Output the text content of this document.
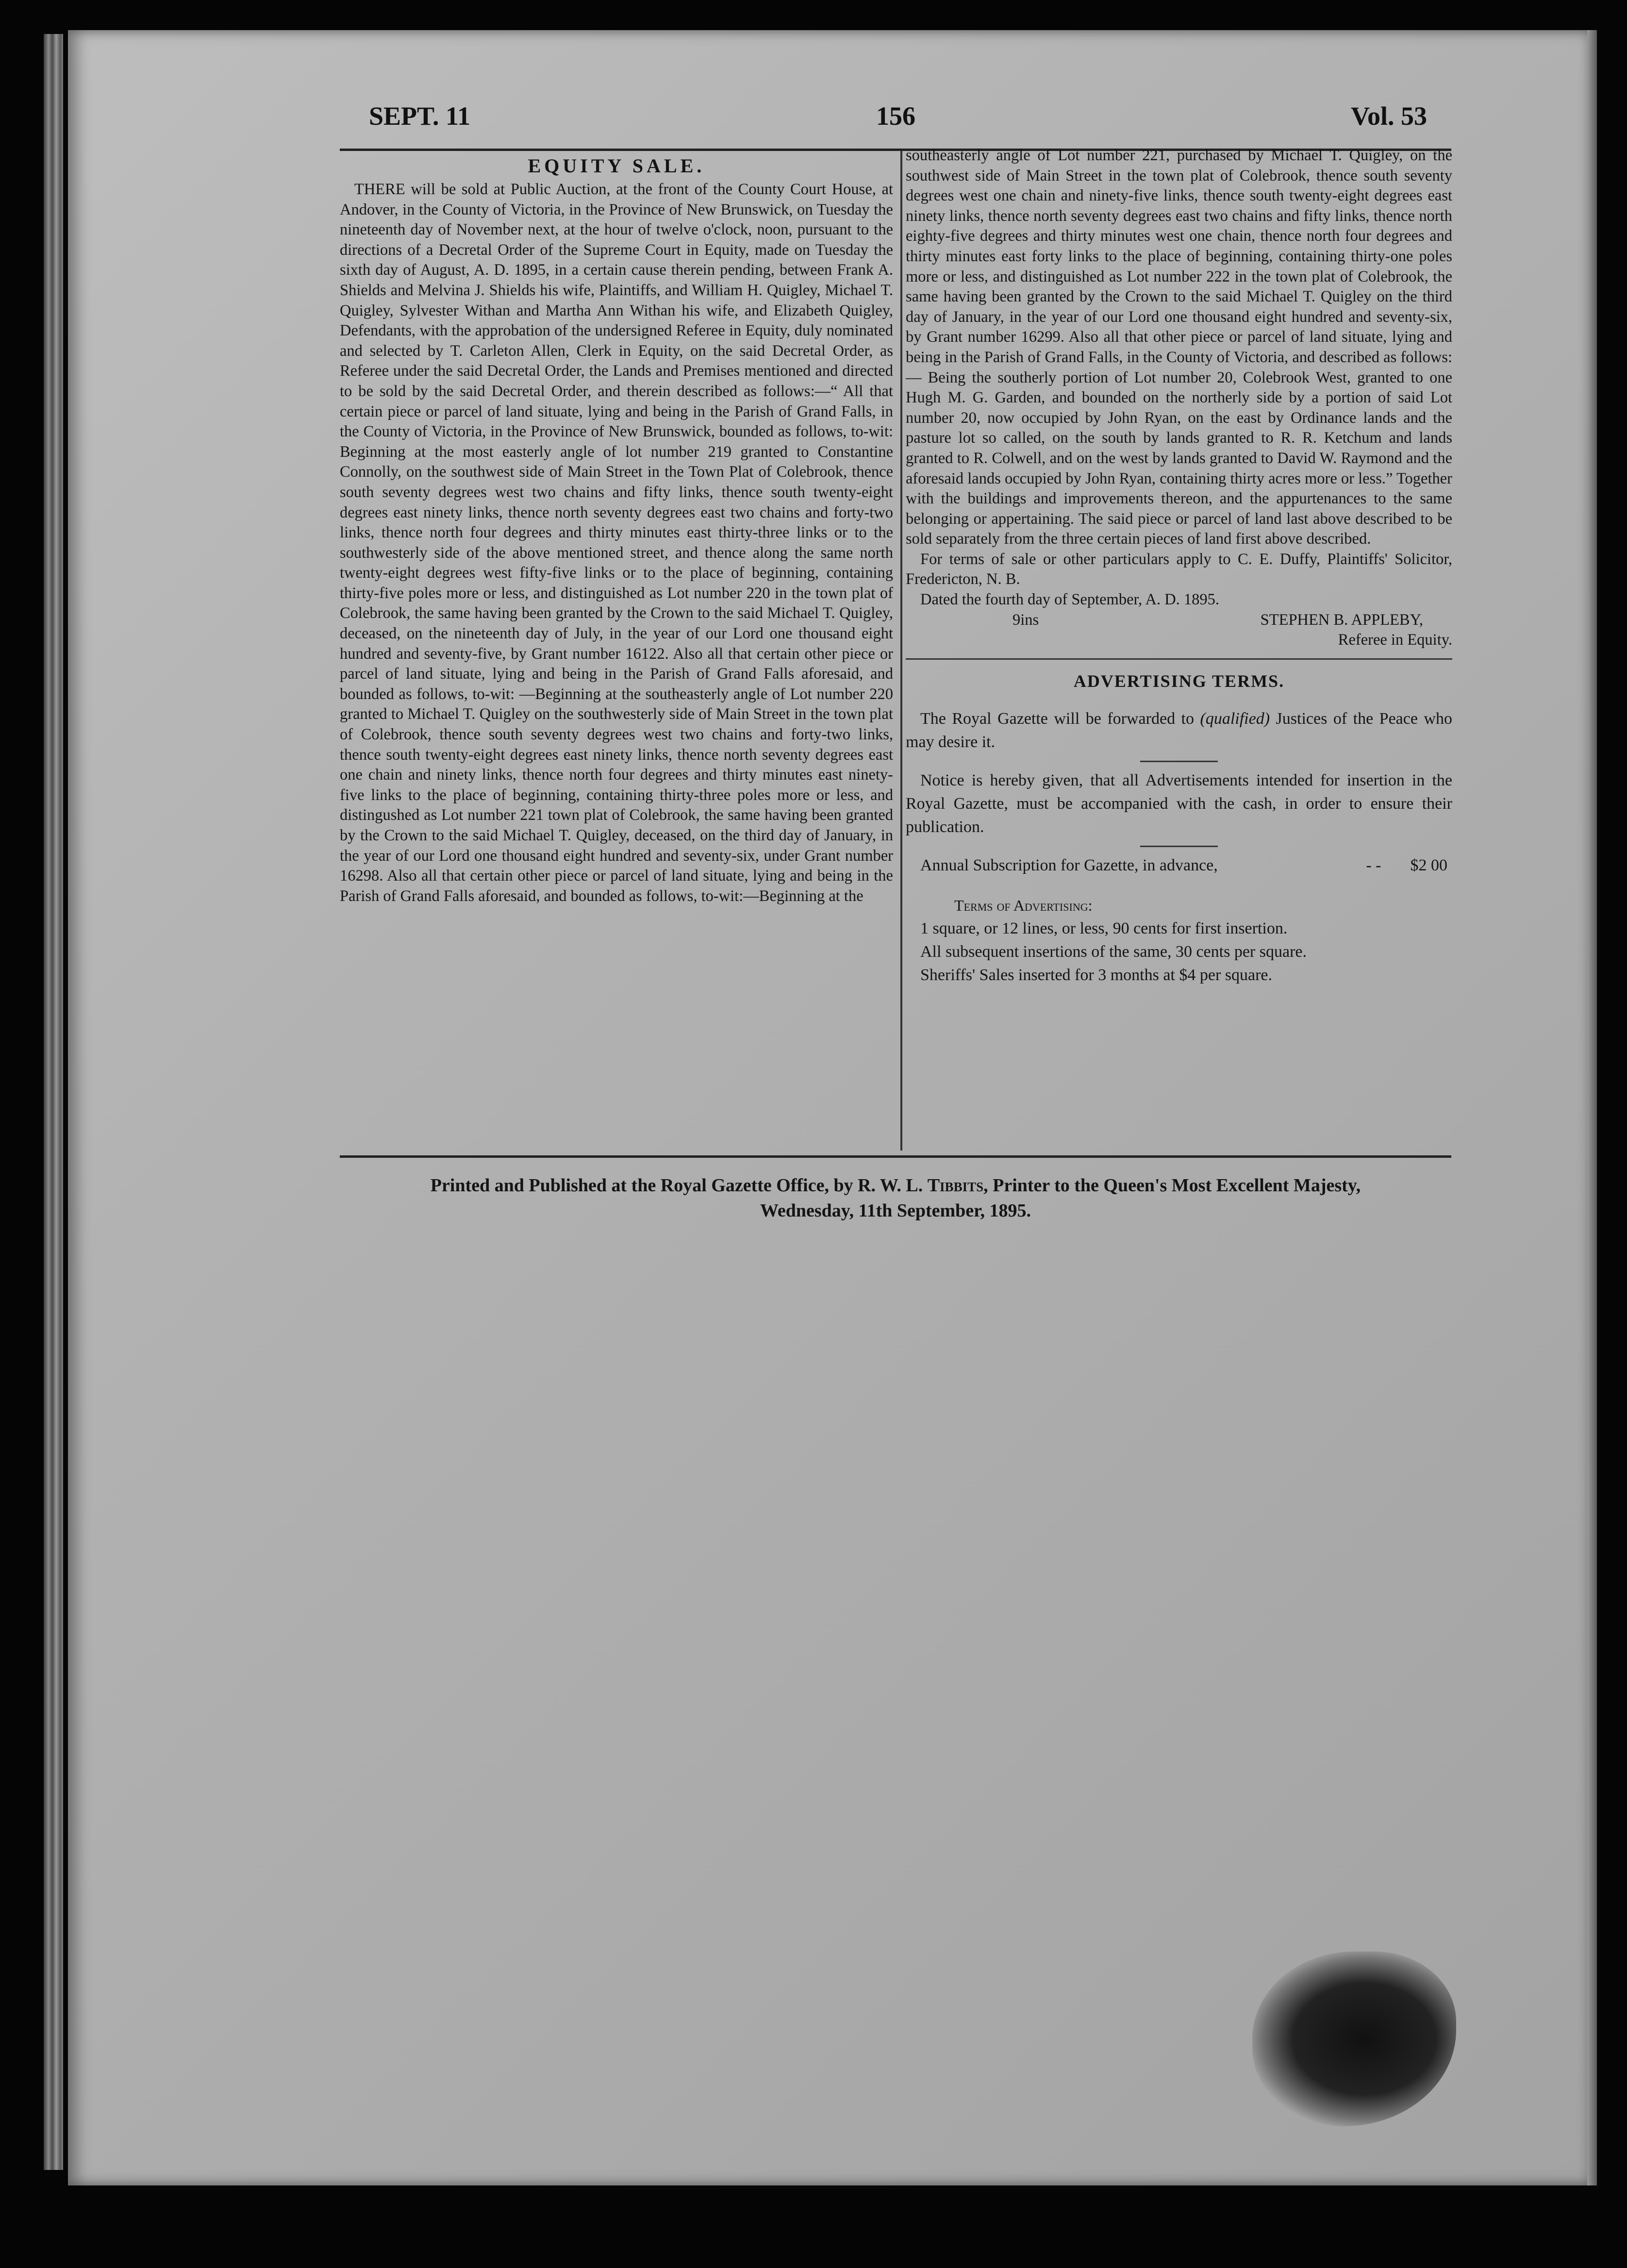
SEPT. 11	156	Vol. 53
EQUITY SALE.

THERE will be sold at Public Auction, at the front of the County Court House, at Andover, in the County of Victoria, in the Province of New Brunswick, on Tuesday the nineteenth day of November next, at the hour of twelve o'clock, noon, pursuant to the directions of a Decretal Order of the Supreme Court in Equity, made on Tuesday the sixth day of August, A. D. 1895, in a certain cause therein pending, between Frank A. Shields and Melvina J. Shields his wife, Plaintiffs, and William H. Quigley, Michael T. Quigley, Sylvester Withan and Martha Ann Withan his wife, and Elizabeth Quigley, Defendants, with the approbation of the undersigned Referee in Equity, duly nominated and selected by T. Carleton Allen, Clerk in Equity, on the said Decretal Order, as Referee under the said Decretal Order, the Lands and Premises mentioned and directed to be sold by the said Decretal Order, and therein described as follows:—“ All that certain piece or parcel of land situate, lying and being in the Parish of Grand Falls, in the County of Victoria, in the Province of New Brunswick, bounded as follows, to-wit: Beginning at the most easterly angle of lot number 219 granted to Constantine Connolly, on the southwest side of Main Street in the Town Plat of Colebrook, thence south seventy degrees west two chains and fifty links, thence south twenty-eight degrees east ninety links, thence north seventy degrees east two chains and forty-two links, thence north four degrees and thirty minutes east thirty-three links or to the southwesterly side of the above mentioned street, and thence along the same north twenty-eight degrees west fifty-five links or to the place of beginning, containing thirty-five poles more or less, and distinguished as Lot number 220 in the town plat of Colebrook, the same having been granted by the Crown to the said Michael T. Quigley, deceased, on the nineteenth day of July, in the year of our Lord one thousand eight hundred and seventy-five, by Grant number 16122. Also all that certain other piece or parcel of land situate, lying and being in the Parish of Grand Falls aforesaid, and bounded as follows, to-wit: —Beginning at the southeasterly angle of Lot number 220 granted to Michael T. Quigley on the southwesterly side of Main Street in the town plat of Colebrook, thence south seventy degrees west two chains and forty-two links, thence south twenty-eight degrees east ninety links, thence north seventy degrees east one chain and ninety links, thence north four degrees and thirty minutes east ninety-five links to the place of beginning, containing thirty-three poles more or less, and distingushed as Lot number 221 town plat of Colebrook, the same having been granted by the Crown to the said Michael T. Quigley, deceased, on the third day of January, in the year of our Lord one thousand eight hundred and seventy-six, under Grant number 16298. Also all that certain other piece or parcel of land situate, lying and being in the Parish of Grand Falls aforesaid, and bounded as follows, to-wit:—Beginning at the

southeasterly angle of Lot number 221, purchased by Michael T. Quigley, on the southwest side of Main Street in the town plat of Colebrook, thence south seventy degrees west one chain and ninety-five links, thence south twenty-eight degrees east ninety links, thence north seventy degrees east two chains and fifty links, thence north eighty-five degrees and thirty minutes west one chain, thence north four degrees and thirty minutes east forty links to the place of beginning, containing thirty-one poles more or less, and distinguished as Lot number 222 in the town plat of Colebrook, the same having been granted by the Crown to the said Michael T. Quigley on the third day of January, in the year of our Lord one thousand eight hundred and seventy-six, by Grant number 16299. Also all that other piece or parcel of land situate, lying and being in the Parish of Grand Falls, in the County of Victoria, and described as follows:— Being the southerly portion of Lot number 20, Colebrook West, granted to one Hugh M. G. Garden, and bounded on the northerly side by a portion of said Lot number 20, now occupied by John Ryan, on the east by Ordinance lands and the pasture lot so called, on the south by lands granted to R. R. Ketchum and lands granted to R. Colwell, and on the west by lands granted to David W. Raymond and the aforesaid lands occupied by John Ryan, containing thirty acres more or less.” Together with the buildings and improvements thereon, and the appurtenances to the same belonging or appertaining. The said piece or parcel of land last above described to be sold separately from the three certain pieces of land first above described.

For terms of sale or other particulars apply to C. E. Duffy, Plaintiffs' Solicitor, Fredericton, N. B.

Dated the fourth day of September, A. D. 1895.

9ins	STEPHEN B. APPLEBY,

Referee in Equity.

ADVERTISING TERMS.

The Royal Gazette will be forwarded to (qualified) Justices of the Peace who may desire it.

Notice is hereby given, that all Advertisements intended for insertion in the Royal Gazette, must be accompanied with the cash, in order to ensure their publication.

Annual Subscription for Gazette, in advance,	- -	$2 00

Terms of Advertising:

1 square, or 12 lines, or less, 90 cents for first insertion.

All subsequent insertions of the same, 30 cents per square.

Sheriffs' Sales inserted for 3 months at $4 per square.

Printed and Published at the Royal Gazette Office, by R. W. L. Tibbits, Printer to the Queen's Most Excellent Majesty,
Wednesday, 11th September, 1895.
